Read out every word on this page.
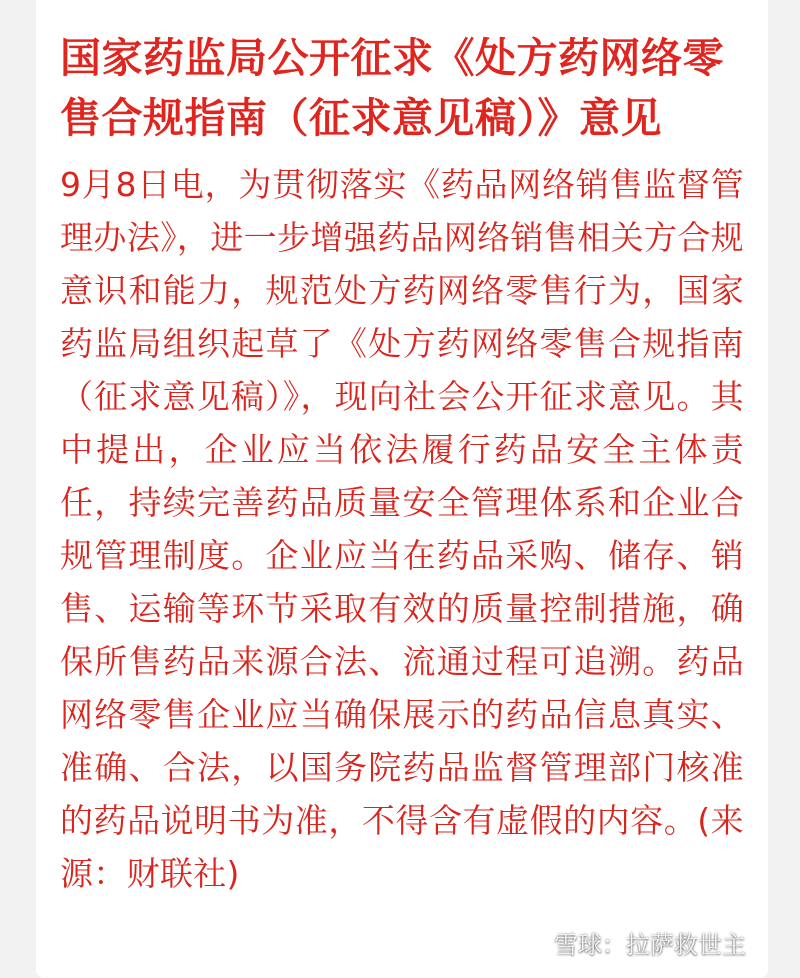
国家药监局公开征求《处方药网络零售合规指南（征求意见稿）》意见

9月8日电，为贯彻落实《药品网络销售监督管理办法》，进一步增强药品网络销售相关方合规意识和能力，规范处方药网络零售行为，国家药监局组织起草了《处方药网络零售合规指南（征求意见稿）》，现向社会公开征求意见。其中提出，企业应当依法履行药品安全主体责任，持续完善药品质量安全管理体系和企业合规管理制度。企业应当在药品采购、储存、销售、运输等环节采取有效的质量控制措施，确保所售药品来源合法、流通过程可追溯。药品网络零售企业应当确保展示的药品信息真实、准确、合法，以国务院药品监督管理部门核准的药品说明书为准，不得含有虚假的内容。(来源：财联社)

雪球：拉萨救世主
